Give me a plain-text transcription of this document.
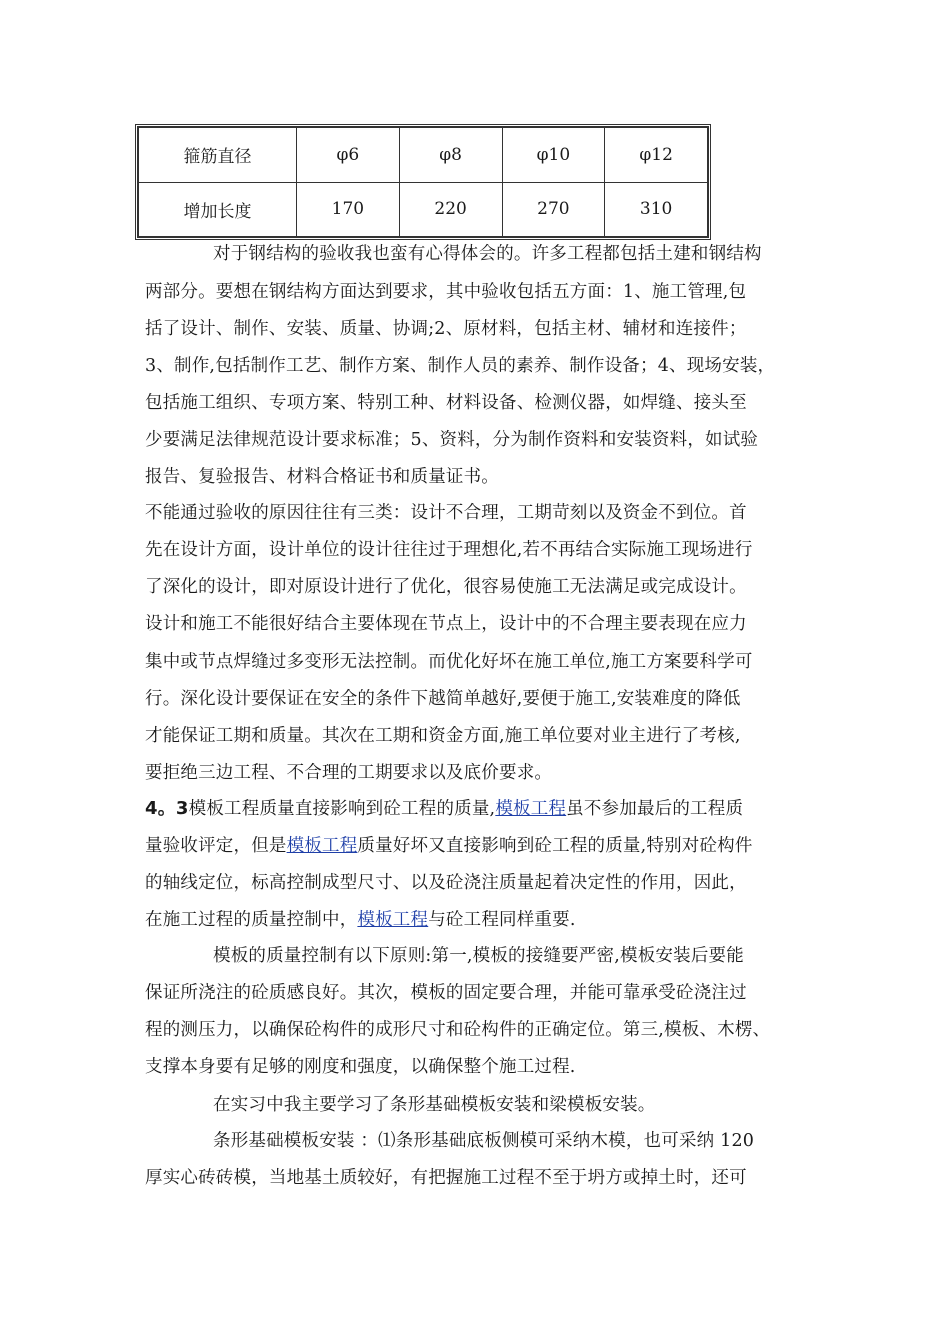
箍筋直径	φ6	φ8	φ10	φ12
增加长度	170	220	270	310
对于钢结构的验收我也蛮有心得体会的。许多工程都包括土建和钢结构
两部分。要想在钢结构方面达到要求，其中验收包括五方面：1、施工管理,包
括了设计、制作、安装、质量、协调;2、原材料，包括主材、辅材和连接件；
3、制作,包括制作工艺、制作方案、制作人员的素养、制作设备；4、现场安装，
包括施工组织、专项方案、特别工种、材料设备、检测仪器，如焊缝、接头至
少要满足法律规范设计要求标准；5、资料，分为制作资料和安装资料，如试验
报告、复验报告、材料合格证书和质量证书。
不能通过验收的原因往往有三类：设计不合理，工期苛刻以及资金不到位。首
先在设计方面，设计单位的设计往往过于理想化,若不再结合实际施工现场进行
了深化的设计，即对原设计进行了优化，很容易使施工无法满足或完成设计。
设计和施工不能很好结合主要体现在节点上，设计中的不合理主要表现在应力
集中或节点焊缝过多变形无法控制。而优化好坏在施工单位,施工方案要科学可
行。深化设计要保证在安全的条件下越简单越好,要便于施工,安装难度的降低
才能保证工期和质量。其次在工期和资金方面,施工单位要对业主进行了考核,
要拒绝三边工程、不合理的工期要求以及底价要求。
4。3模板工程质量直接影响到砼工程的质量,模板工程虽不参加最后的工程质
量验收评定，但是模板工程质量好坏又直接影响到砼工程的质量,特别对砼构件
的轴线定位，标高控制成型尺寸、以及砼浇注质量起着决定性的作用，因此，
在施工过程的质量控制中，模板工程与砼工程同样重要.
模板的质量控制有以下原则:第一,模板的接缝要严密,模板安装后要能
保证所浇注的砼质感良好。其次，模板的固定要合理，并能可靠承受砼浇注过
程的测压力，以确保砼构件的成形尺寸和砼构件的正确定位。第三,模板、木楞、
支撑本身要有足够的刚度和强度，以确保整个施工过程.
在实习中我主要学习了条形基础模板安装和梁模板安装。
条形基础模板安装 ：⑴条形基础底板侧模可采纳木模，也可采纳 120
厚实心砖砖模，当地基土质较好，有把握施工过程不至于坍方或掉土时，还可
